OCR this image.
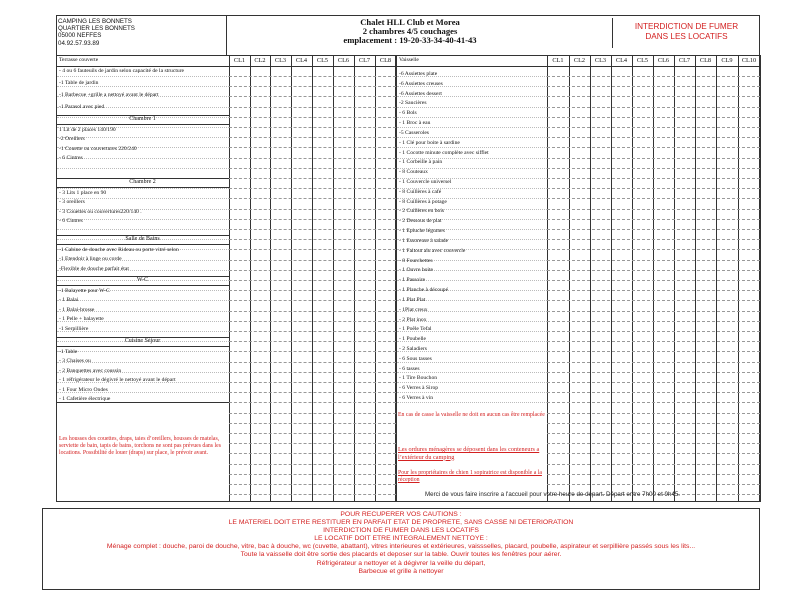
CAMPING LES BONNETS
QUARTIER LES BONNETS
05000 NEFFES
04.92.57.93.89
Chalet HLL Club et Morea
2 chambres 4/5 couchages
emplacement : 19-20-33-34-40-41-43
INTERDICTION DE FUMER
DANS LES LOCATIFS
CL1	CL2	CL3	CL4	CL5	CL6	CL7	CL8	CL1	CL2	CL3	CL4	CL5	CL6	CL7	CL8	CL9	CL10
Terrasse couverte
- 4 ou 6 fauteuils de jardin selon capacité de la structure
-1 Table de jardin
-1 Barbecue +grille a nettoyé avant le départ
-1 Parasol avec pied
Chambre 1
1 Lit de 2 places 140/190
-2 Oreillers
-1 Couette ou couvertures 220/240
- 6 Cintres
Chambre 2
- 3 Lits 1 place en 90
- 3 oreillers
- 3 Couettes ou couvertures220/140 .
- 6 Cintres
Salle de Bains
-1 Cabine de douche avec Rideau ou porte vitré selon
-1 Etendoir à linge ou corde
-Flexible de douche parfait état
W-C
-1 Balayette pour W-C
- 1 Balai
- 1 Balai-brosse
- 1 Pelle + balayette
-1 Serpillière
Cuisine Séjour
-1 Table
- 3 Chaises ou
- 2 Banquettes avec coussin
- 1 réfrigérateur le dégivré le nettoyé avant le départ
- 1 Four Micro Ondes
- 1 Cafetière électrique
Vaisselle
-6 Assiettes plate
-6 Assiettes creuses
-6 Assiettes dessert
-2 Saucières
- 6 Bols
- 1 Broc à eau
-5 Casseroles
- 1 Clé pour boite à sardine
- 1 Cocotte minute complète avec sifflet
- 1 Corbeille à pain
- 8 Couteaux
- 1 Couvercle universel
- 8 Cuillères à café
- 8 Cuillères à potage
- 2 Cuillères en bois
- 2 Dessous de plat
- 1 Épluche légumes
- 1 Essoreuse à salade
- 1 Faitout alu avec couvercle
- 8 Fourchettes
- 1 Ouvre boite
- 1 Passoire
- 1 Planche à découpé
- 1 Plat Plat
- 1Plat creux
- 2 Plat inox
- 1 Poêle Tefal
- 1 Poubelle
- 2 Saladiers
- 6 Sous tasses
- 6 tasses
- 1 Tire Bouchon
- 6 Verres à Sirop
- 6 Verres à vin
Les housses des couettes, draps, taies d’oreillers, housses de matelas, serviette de bain, tapis de bains, torchons ne sont pas prévues dans les locations. Possibilité de louer (draps) sur place, le prévoir avant.
En cas de casse la vaisselle ne doit en aucun cas être remplacée
Les ordures ménagères se déposent dans les conteneurs a l’extérieur du camping
Pour les propriétaires de chien 1 sopiratrice est disponible a la réception
Merci de vous faire inscrire a l'accueil pour votre heure de départ. Départ entre 7h00 et 9h45.
POUR RECUPERER VOS CAUTIONS :
LE MATERIEL DOIT ETRE RESTITUER EN PARFAIT ETAT DE PROPRETE, SANS CASSE NI DETERIORATION
INTERDICTION DE FUMER DANS LES LOCATIFS
LE LOCATIF DOIT ETRE INTEGRALEMENT NETTOYE :
Ménage complet : douche, paroi de douche, vitre, bac à douche, wc (cuvette, abattant), vitres interieures et extérieures, vaissselles, placard, poubelle, aspirateur et serpillière passés sous les lits...
Toute la vaisselle doit être sortie des placards et deposer sur la table. Ouvrir toutes les fenêtres pour aérer.
Réfrigérateur a nettoyer et à dégivrer la veille du départ,
Barbecue et grille à nettoyer
